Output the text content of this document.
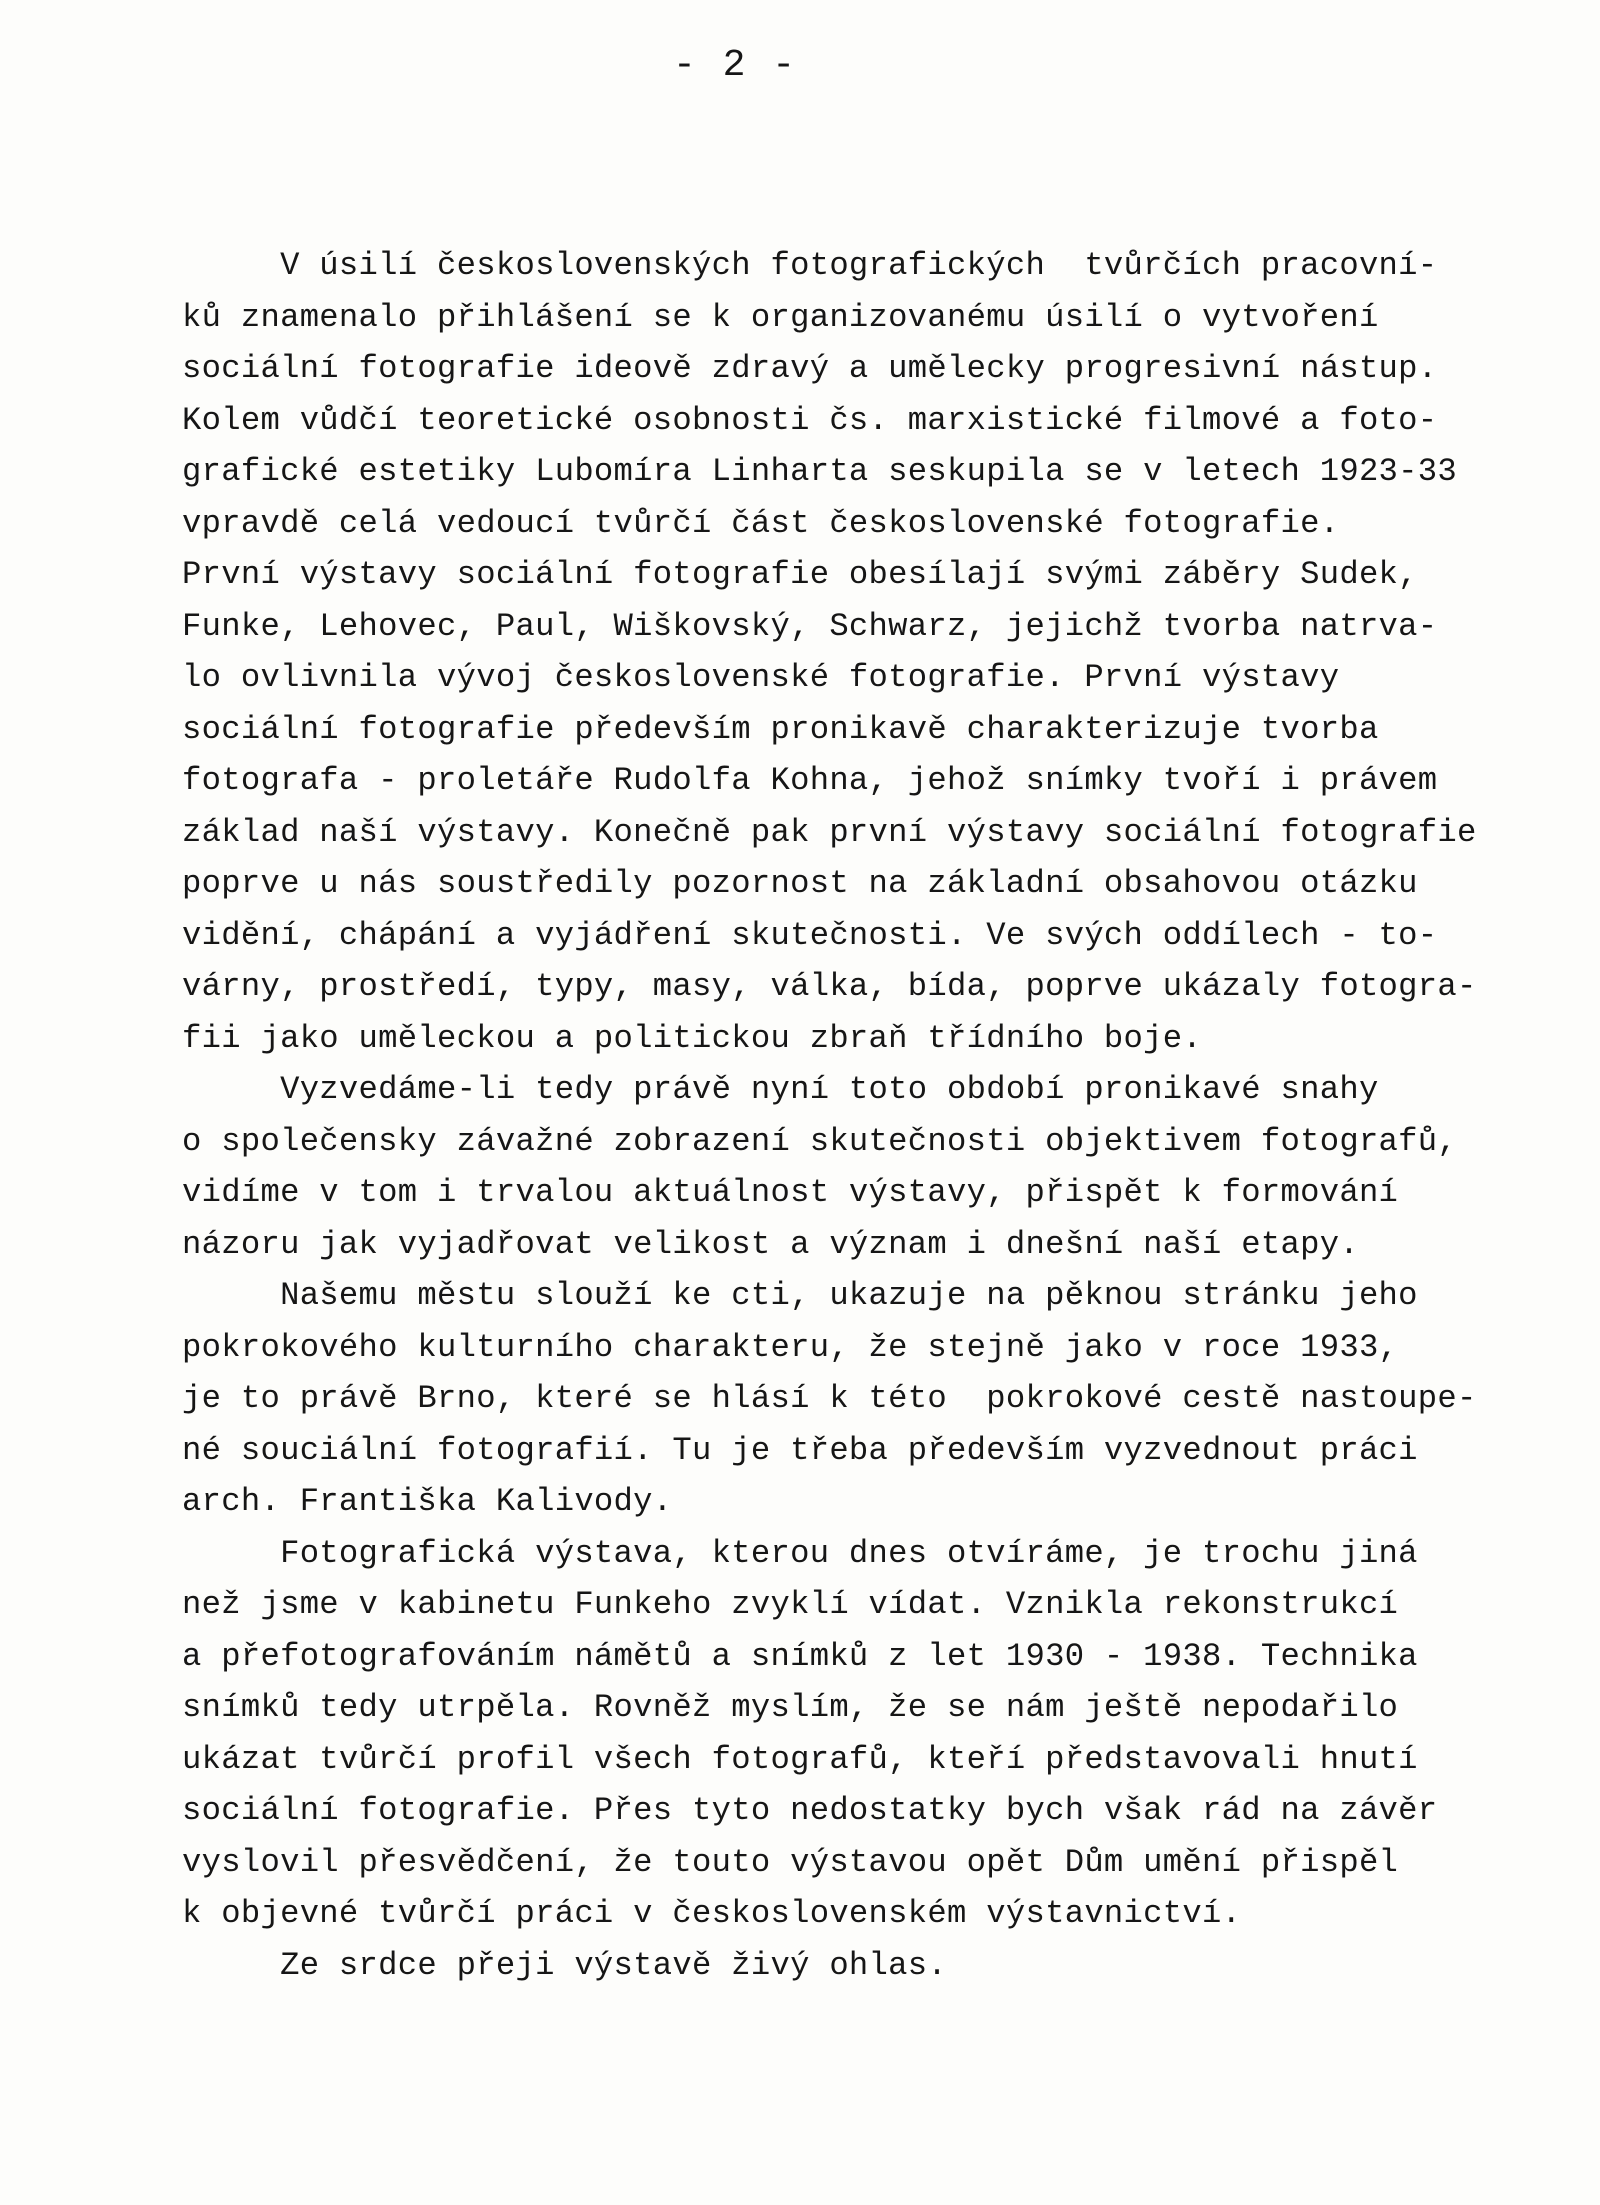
- 2 -
V úsilí československých fotografických  tvůrčích pracovní-
ků znamenalo přihlášení se k organizovanému úsilí o vytvoření
sociální fotografie ideově zdravý a umělecky progresivní nástup.
Kolem vůdčí teoretické osobnosti čs. marxistické filmové a foto-
grafické estetiky Lubomíra Linharta seskupila se v letech 1923-33
vpravdě celá vedoucí tvůrčí část československé fotografie.
První výstavy sociální fotografie obesílají svými záběry Sudek,
Funke, Lehovec, Paul, Wiškovský, Schwarz, jejichž tvorba natrva-
lo ovlivnila vývoj československé fotografie. První výstavy
sociální fotografie především pronikavě charakterizuje tvorba
fotografa - proletáře Rudolfa Kohna, jehož snímky tvoří i právem
základ naší výstavy. Konečně pak první výstavy sociální fotografie
poprve u nás soustředily pozornost na základní obsahovou otázku
vidění, chápání a vyjádření skutečnosti. Ve svých oddílech - to-
várny, prostředí, typy, masy, válka, bída, poprve ukázaly fotogra-
fii jako uměleckou a politickou zbraň třídního boje.
Vyzvedáme-li tedy právě nyní toto období pronikavé snahy
o společensky závažné zobrazení skutečnosti objektivem fotografů,
vidíme v tom i trvalou aktuálnost výstavy, přispět k formování
názoru jak vyjadřovat velikost a význam i dnešní naší etapy.
Našemu městu slouží ke cti, ukazuje na pěknou stránku jeho
pokrokového kulturního charakteru, že stejně jako v roce 1933,
je to právě Brno, které se hlásí k této  pokrokové cestě nastoupe-
né souciální fotografií. Tu je třeba především vyzvednout práci
arch. Františka Kalivody.
Fotografická výstava, kterou dnes otvíráme, je trochu jiná
než jsme v kabinetu Funkeho zvyklí vídat. Vznikla rekonstrukcí
a přefotografováním námětů a snímků z let 1930 - 1938. Technika
snímků tedy utrpěla. Rovněž myslím, že se nám ještě nepodařilo
ukázat tvůrčí profil všech fotografů, kteří představovali hnutí
sociální fotografie. Přes tyto nedostatky bych však rád na závěr
vyslovil přesvědčení, že touto výstavou opět Dům umění přispěl
k objevné tvůrčí práci v československém výstavnictví.
Ze srdce přeji výstavě živý ohlas.
